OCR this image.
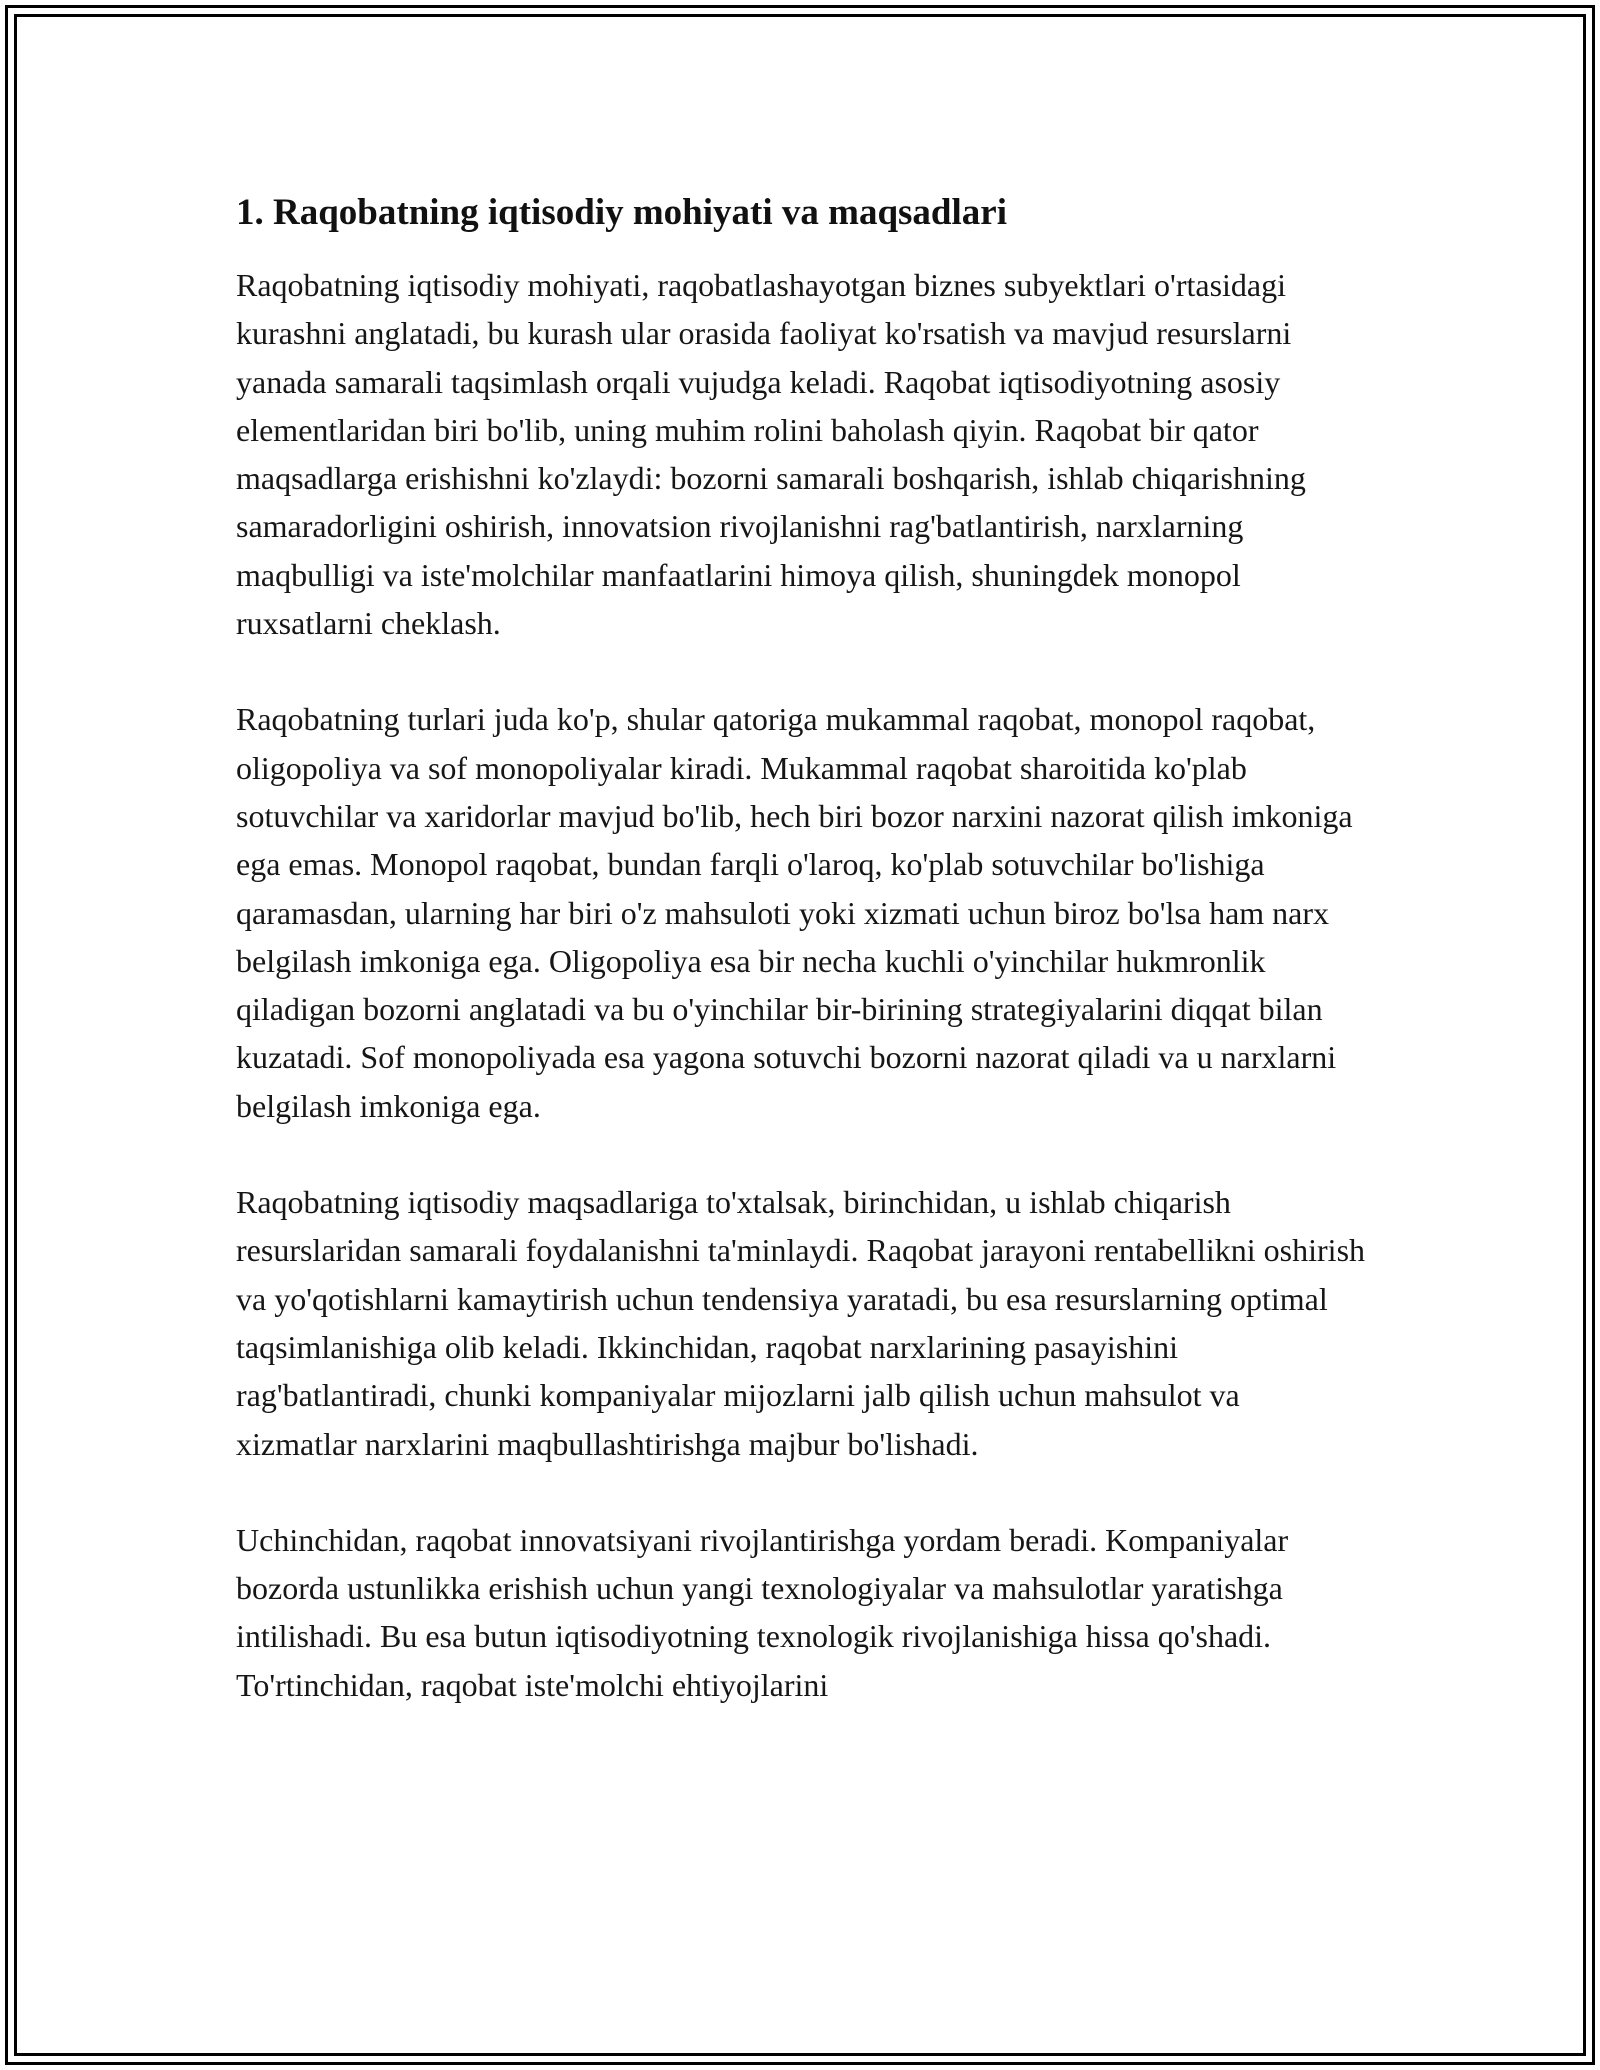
1. Raqobatning iqtisodiy mohiyati va maqsadlari

Raqobatning iqtisodiy mohiyati, raqobatlashayotgan biznes subyektlari o'rtasidagi kurashni anglatadi, bu kurash ular orasida faoliyat ko'rsatish va mavjud resurslarni yanada samarali taqsimlash orqali vujudga keladi. Raqobat iqtisodiyotning asosiy elementlaridan biri bo'lib, uning muhim rolini baholash qiyin. Raqobat bir qator maqsadlarga erishishni ko'zlaydi: bozorni samarali boshqarish, ishlab chiqarishning samaradorligini oshirish, innovatsion rivojlanishni rag'batlantirish, narxlarning maqbulligi va iste'molchilar manfaatlarini himoya qilish, shuningdek monopol ruxsatlarni cheklash.

Raqobatning turlari juda ko'p, shular qatoriga mukammal raqobat, monopol raqobat, oligopoliya va sof monopoliyalar kiradi. Mukammal raqobat sharoitida ko'plab sotuvchilar va xaridorlar mavjud bo'lib, hech biri bozor narxini nazorat qilish imkoniga ega emas. Monopol raqobat, bundan farqli o'laroq, ko'plab sotuvchilar bo'lishiga qaramasdan, ularning har biri o'z mahsuloti yoki xizmati uchun biroz bo'lsa ham narx belgilash imkoniga ega. Oligopoliya esa bir necha kuchli o'yinchilar hukmronlik qiladigan bozorni anglatadi va bu o'yinchilar bir-birining strategiyalarini diqqat bilan kuzatadi. Sof monopoliyada esa yagona sotuvchi bozorni nazorat qiladi va u narxlarni belgilash imkoniga ega.

Raqobatning iqtisodiy maqsadlariga to'xtalsak, birinchidan, u ishlab chiqarish resurslaridan samarali foydalanishni ta'minlaydi. Raqobat jarayoni rentabellikni oshirish va yo'qotishlarni kamaytirish uchun tendensiya yaratadi, bu esa resurslarning optimal taqsimlanishiga olib keladi. Ikkinchidan, raqobat narxlarining pasayishini rag'batlantiradi, chunki kompaniyalar mijozlarni jalb qilish uchun mahsulot va xizmatlar narxlarini maqbullashtirishga majbur bo'lishadi.

Uchinchidan, raqobat innovatsiyani rivojlantirishga yordam beradi. Kompaniyalar bozorda ustunlikka erishish uchun yangi texnologiyalar va mahsulotlar yaratishga intilishadi. Bu esa butun iqtisodiyotning texnologik rivojlanishiga hissa qo'shadi. To'rtinchidan, raqobat iste'molchi ehtiyojlarini
